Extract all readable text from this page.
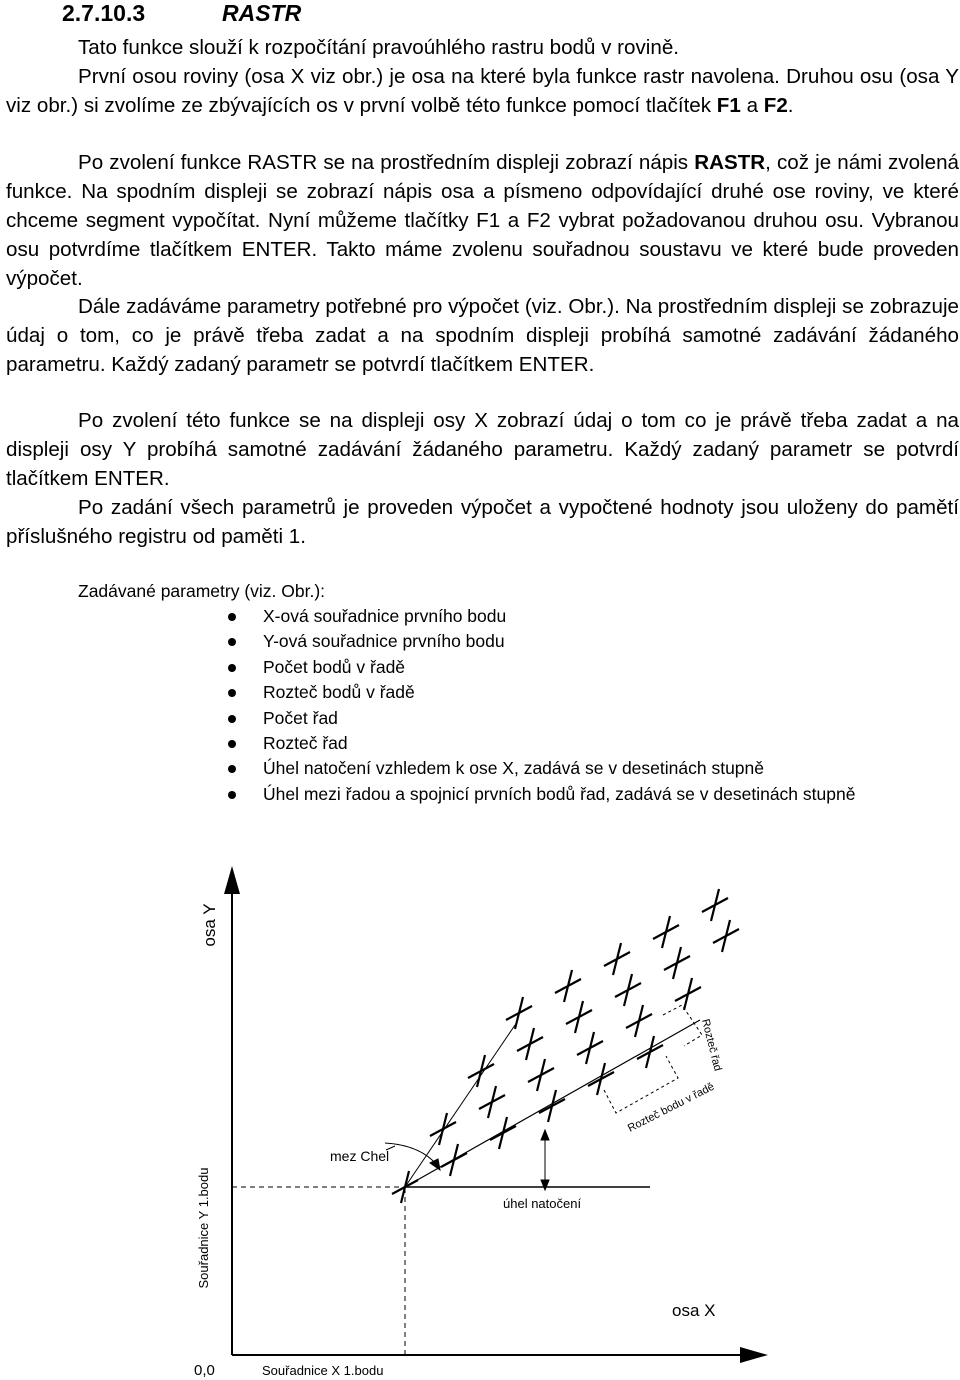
2.7.10.3	RASTR

Tato funkce slouží k rozpočítání pravoúhlého rastru bodů v rovině.

První osou roviny (osa X viz obr.) je osa na které byla funkce rastr navolena. Druhou osu (osa Y viz obr.) si zvolíme ze zbývajících os v první volbě této funkce pomocí tlačítek F1 a F2.

Po zvolení funkce RASTR se na prostředním displeji zobrazí nápis RASTR, což je námi zvolená funkce. Na spodním displeji se zobrazí nápis osa a písmeno odpovídající druhé ose roviny, ve které chceme segment vypočítat. Nyní můžeme tlačítky F1 a F2 vybrat požadovanou druhou osu. Vybranou osu potvrdíme tlačítkem ENTER. Takto máme zvolenu souřadnou soustavu ve které bude proveden výpočet.

Dále zadáváme parametry potřebné pro výpočet (viz. Obr.). Na prostředním displeji se zobrazuje údaj o tom, co je právě třeba zadat a na spodním displeji probíhá samotné zadávání žádaného parametru. Každý zadaný parametr se potvrdí tlačítkem ENTER.

Po zvolení této funkce se na displeji osy X zobrazí údaj o tom co je právě třeba zadat a na displeji osy Y probíhá samotné zadávání žádaného parametru. Každý zadaný parametr se potvrdí tlačítkem ENTER.

Po zadání všech parametrů je proveden výpočet a vypočtené hodnoty jsou uloženy do pamětí příslušného registru od paměti 1.

Zadávané parametry (viz. Obr.):
X-ová souřadnice prvního bodu
Y-ová souřadnice prvního bodu
Počet bodů v řadě
Rozteč bodů v řadě
Počet řad
Rozteč řad
Úhel natočení vzhledem k ose X, zadává se v desetinách stupně
Úhel mezi řadou a spojnicí prvních bodů řad, zadává se v desetinách stupně
osa Y
osa X
0,0	Souřadnice X 1.bodu
Souřadnice Y 1.bodu
mez Chel
úhel natočení
Rozteč řad
Rozteč bodu v řadě
